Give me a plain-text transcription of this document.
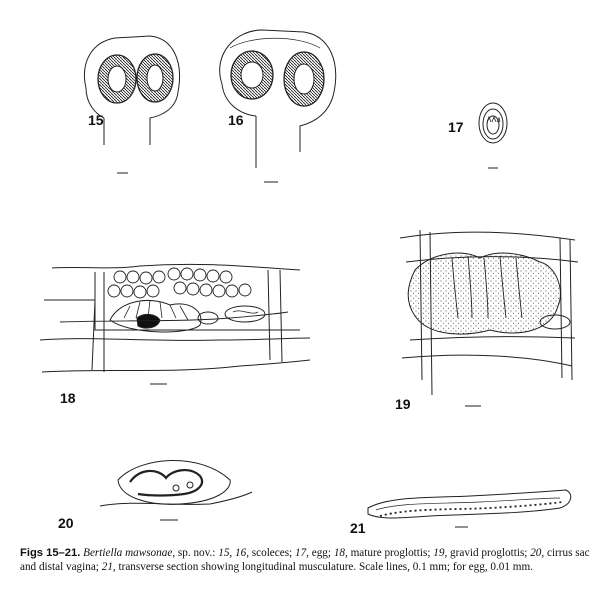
15	16	17
18	19
20	21
Figs 15–21. Bertiella mawsonae, sp. nov.: 15, 16, scoleces; 17, egg; 18, mature proglottis; 19, gravid proglottis; 20, cirrus sac and distal vagina; 21, transverse section showing longitudinal musculature. Scale lines, 0.1 mm; for egg, 0.01 mm.
